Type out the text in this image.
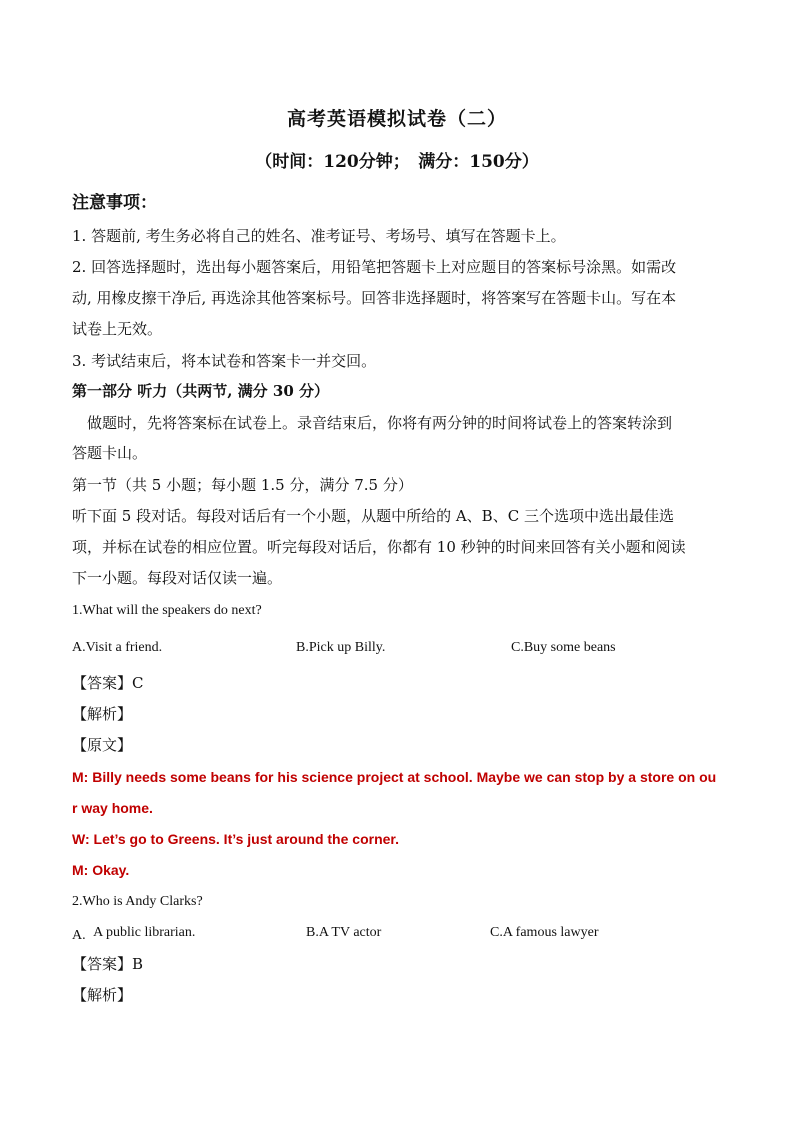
高考英语模拟试卷（二）
（时间：120分钟；　满分：150分）
注意事项：
1. 答题前, 考生务必将自己的姓名、准考证号、考场号、填写在答题卡上。
2. 回答选择题时，选出每小题答案后，用铅笔把答题卡上对应题目的答案标号涂黑。如需改
动, 用橡皮擦干净后, 再选涂其他答案标号。回答非选择题时，将答案写在答题卡山。写在本
试卷上无效。
3. 考试结束后，将本试卷和答案卡一并交回。
第一部分 听力（共两节, 满分 30 分）
　做题时，先将答案标在试卷上。录音结束后，你将有两分钟的时间将试卷上的答案转涂到
答题卡山。
第一节（共 5 小题；每小题 1.5 分，满分 7.5 分）
听下面 5 段对话。每段对话后有一个小题，从题中所给的 A、B、C 三个选项中选出最佳选
项，并标在试卷的相应位置。听完每段对话后，你都有 10 秒钟的时间来回答有关小题和阅读
下一小题。每段对话仅读一遍。
1.What will the speakers do next?
A.Visit a friend.	B.Pick up Billy.	C.Buy some beans
【答案】C
【解析】
【原文】
M: Billy needs some beans for his science project at school. Maybe we can stop by a store on ou
r way home.
W: Let’s go to Greens. It’s just around the corner.
M: Okay.
2.Who is Andy Clarks?
A. A public librarian.	B.A TV actor	C.A famous lawyer
【答案】B
【解析】
